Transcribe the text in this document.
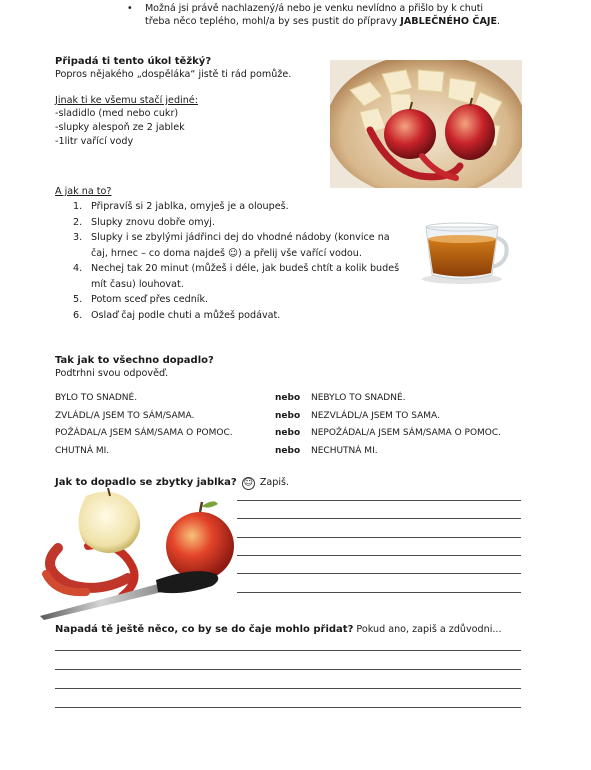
•	Možná jsi právě nachlazený/á nebo je venku nevlídno a přišlo by k chuti
třeba něco teplého, mohl/a by ses pustit do přípravy JABLEČNÉHO ČAJE.
Připadá ti tento úkol těžký?
Popros nějakého „dospěláka“ jistě ti rád pomůže.
Jinak ti ke všemu stačí jediné:
-sladidlo (med nebo cukr)
-slupky alespoň ze 2 jablek
-1litr vařící vody
A jak na to?
1. Připravíš si 2 jablka, omyješ je a oloupeš.
2. Slupky znovu dobře omyj.
3. Slupky i se zbylými jádřinci dej do vhodné nádoby (konvice na
čaj, hrnec – co doma najdeš ☺) a přelij vše vařící vodou.
4. Nechej tak 20 minut (můžeš i déle, jak budeš chtít a kolik budeš
mít času) louhovat.
5. Potom sceď přes cedník.
6. Oslaď čaj podle chuti a můžeš podávat.
Tak jak to všechno dopadlo?
Podtrhni svou odpověď.
BYLO TO SNADNÉ.	nebo NEBYLO TO SNADNÉ.
ZVLÁDL/A JSEM TO SÁM/SAMA.	nebo NEZVLÁDL/A JSEM TO SAMA.
POŽÁDAL/A JSEM SÁM/SAMA O POMOC.	nebo NEPOŽÁDAL/A JSEM SÁM/SAMA O POMOC.
CHUTNÁ MI.	nebo NECHUTNÁ MI.
Jak to dopadlo se zbytky jablka? ☺ Zapiš.
Napadá tě ještě něco, co by se do čaje mohlo přidat? Pokud ano, zapiš a zdůvodni...
